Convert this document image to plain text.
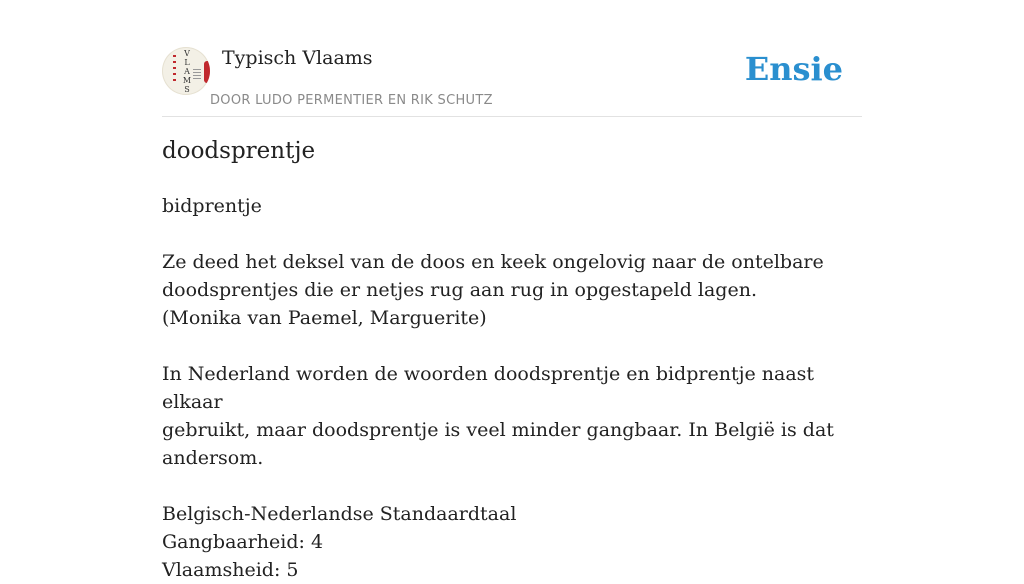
V
L
A
M
S
Typisch Vlaams
DOOR LUDO PERMENTIER EN RIK SCHUTZ
Ensie
doodsprentje

bidprentje

Ze deed het deksel van de doos en keek ongelovig naar de ontelbare

doodsprentjes die er netjes rug aan rug in opgestapeld lagen.

(Monika van Paemel, Marguerite)

In Nederland worden de woorden doodsprentje en bidprentje naast elkaar

gebruikt, maar doodsprentje is veel minder gangbaar. In België is dat andersom.

Belgisch-Nederlandse Standaardtaal

Gangbaarheid: 4

Vlaamsheid: 5
